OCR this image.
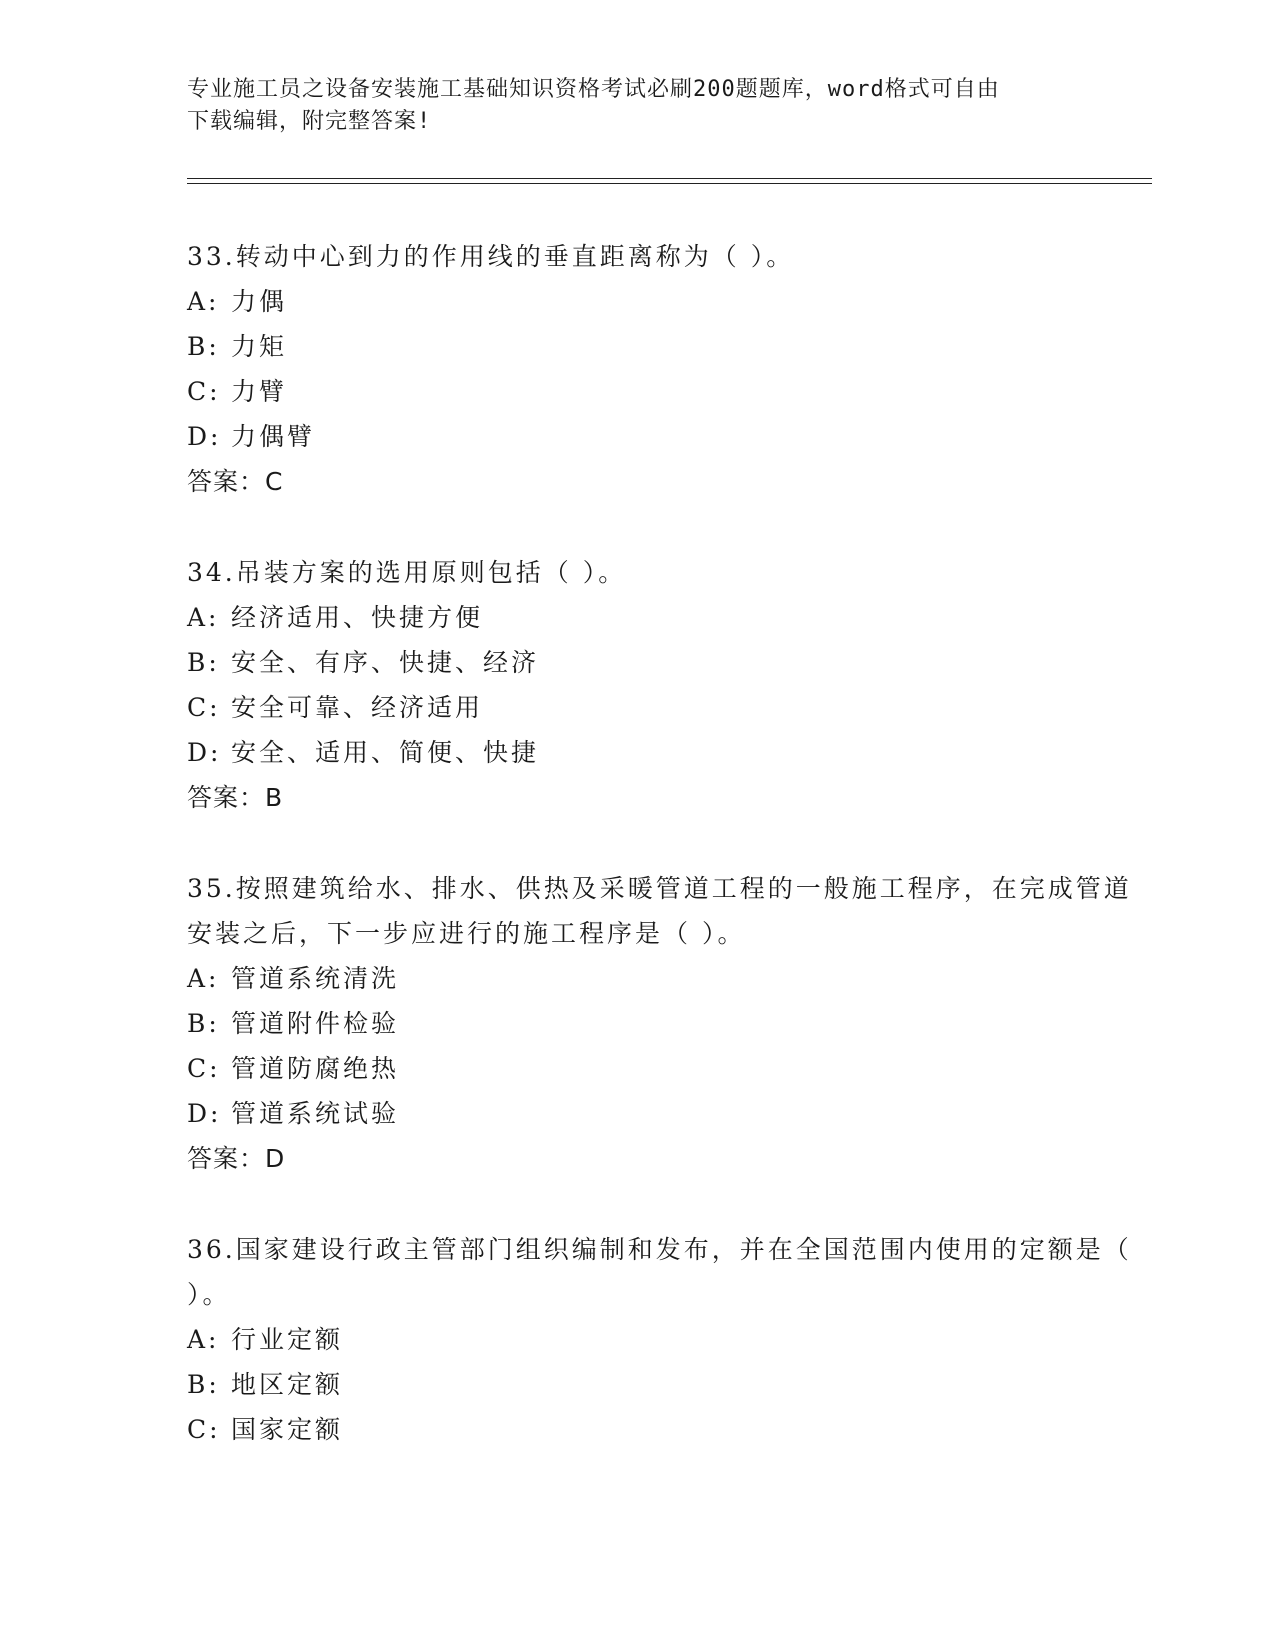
专业施工员之设备安装施工基础知识资格考试必刷200题题库，word格式可自由
下载编辑，附完整答案!

33.转动中心到力的作用线的垂直距离称为（ ）。

A: 力偶

B: 力矩

C: 力臂

D: 力偶臂

答案：C

34.吊装方案的选用原则包括（ ）。

A: 经济适用、快捷方便

B: 安全、有序、快捷、经济

C: 安全可靠、经济适用

D: 安全、适用、简便、快捷

答案：B

35.按照建筑给水、排水、供热及采暖管道工程的一般施工程序，在完成管道安装之后，下一步应进行的施工程序是（ ）。

A: 管道系统清洗

B: 管道附件检验

C: 管道防腐绝热

D: 管道系统试验

答案：D

36.国家建设行政主管部门组织编制和发布，并在全国范围内使用的定额是（ ）。

A: 行业定额

B: 地区定额

C: 国家定额
